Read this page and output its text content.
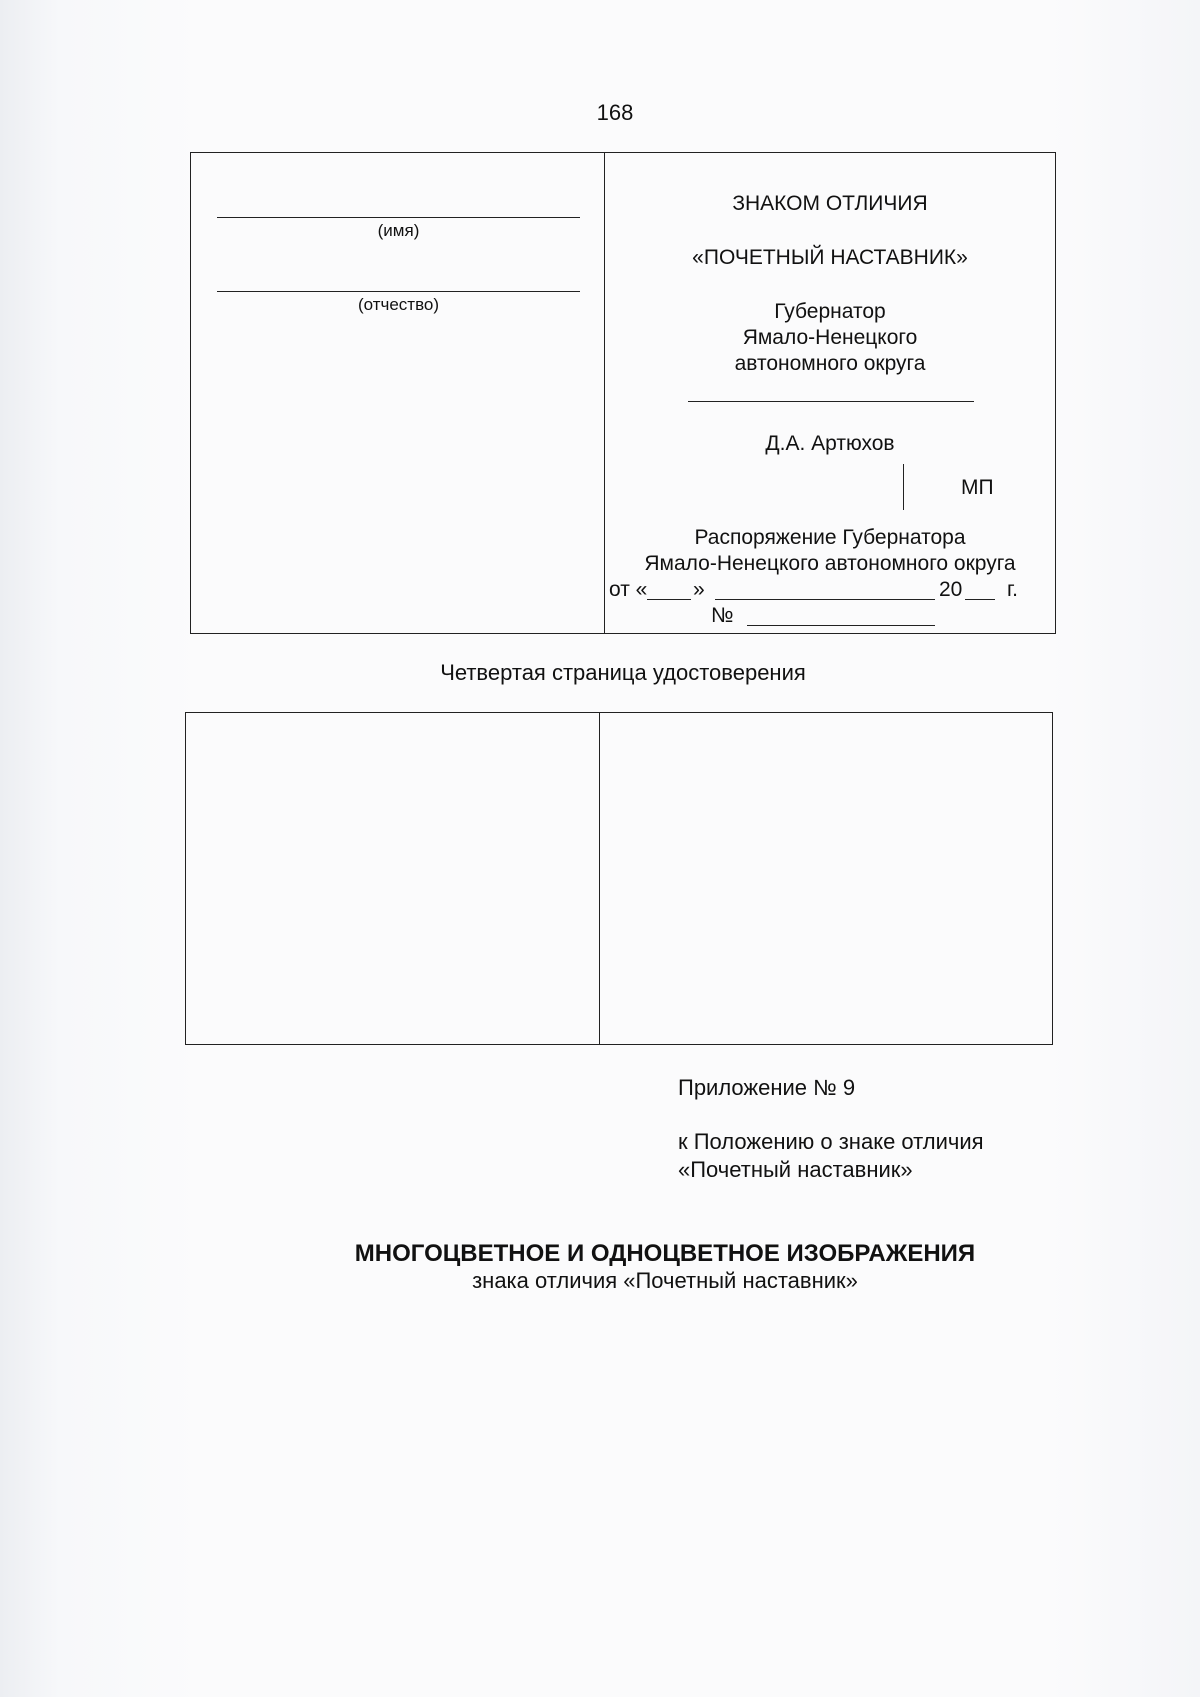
168
(имя)
(отчество)
ЗНАКОМ ОТЛИЧИЯ
«ПОЧЕТНЫЙ НАСТАВНИК»
Губернатор
Ямало-Ненецкого
автономного округа
Д.А. Артюхов
МП
Распоряжение Губернатора
Ямало-Ненецкого автономного округа
от « »	20 г.
№
Четвертая страница удостоверения
Приложение № 9
к Положению о знаке отличия
«Почетный наставник»
МНОГОЦВЕТНОЕ И ОДНОЦВЕТНОЕ ИЗОБРАЖЕНИЯ
знака отличия «Почетный наставник»
